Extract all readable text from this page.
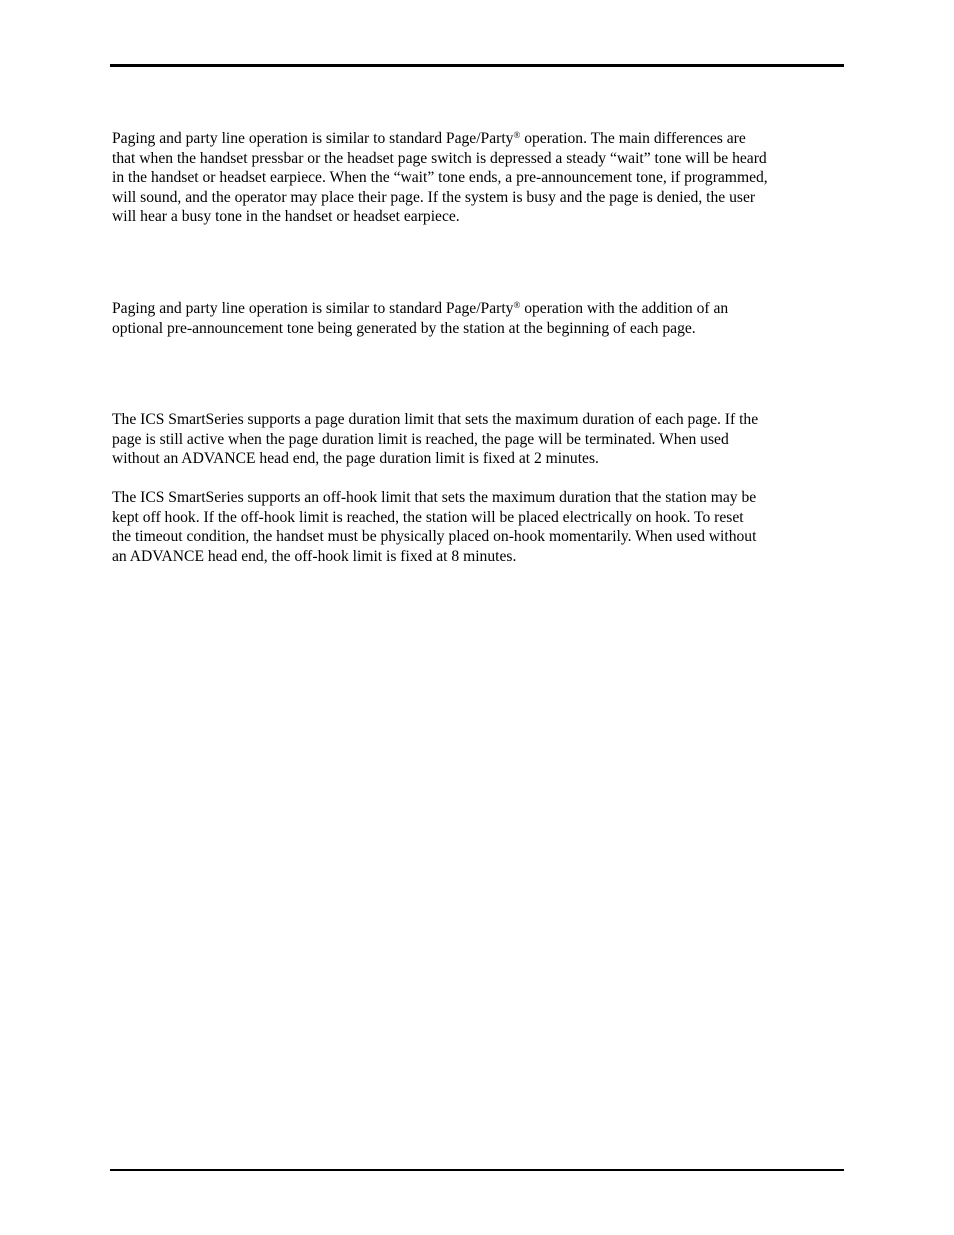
Paging and party line operation is similar to standard Page/Party® operation. The main differences are
that when the handset pressbar or the headset page switch is depressed a steady “wait” tone will be heard
in the handset or headset earpiece. When the “wait” tone ends, a pre-announcement tone, if programmed,
will sound, and the operator may place their page. If the system is busy and the page is denied, the user
will hear a busy tone in the handset or headset earpiece.

Paging and party line operation is similar to standard Page/Party® operation with the addition of an
optional pre-announcement tone being generated by the station at the beginning of each page.

The ICS SmartSeries supports a page duration limit that sets the maximum duration of each page. If the
page is still active when the page duration limit is reached, the page will be terminated. When used
without an ADVANCE head end, the page duration limit is fixed at 2 minutes.

The ICS SmartSeries supports an off-hook limit that sets the maximum duration that the station may be
kept off hook. If the off-hook limit is reached, the station will be placed electrically on hook. To reset
the timeout condition, the handset must be physically placed on-hook momentarily. When used without
an ADVANCE head end, the off-hook limit is fixed at 8 minutes.
